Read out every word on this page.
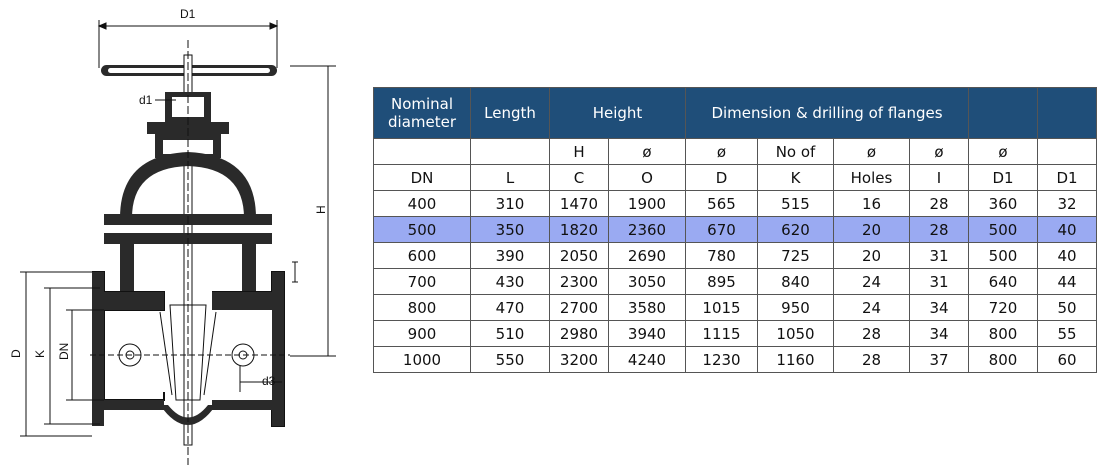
D1
d1
H
D K DN
d3
Nominal diameter	Length	Height		Dimension & drilling of flanges					
		H	ø	ø	No of	ø	ø	ø	
DN	L	C	O	D	K	Holes	I	D1	D1
400	310	1470	1900	565	515	16	28	360	32
500	350	1820	2360	670	620	20	28	500	40
600	390	2050	2690	780	725	20	31	500	40
700	430	2300	3050	895	840	24	31	640	44
800	470	2700	3580	1015	950	24	34	720	50
900	510	2980	3940	1115	1050	28	34	800	55
1000	550	3200	4240	1230	1160	28	37	800	60
